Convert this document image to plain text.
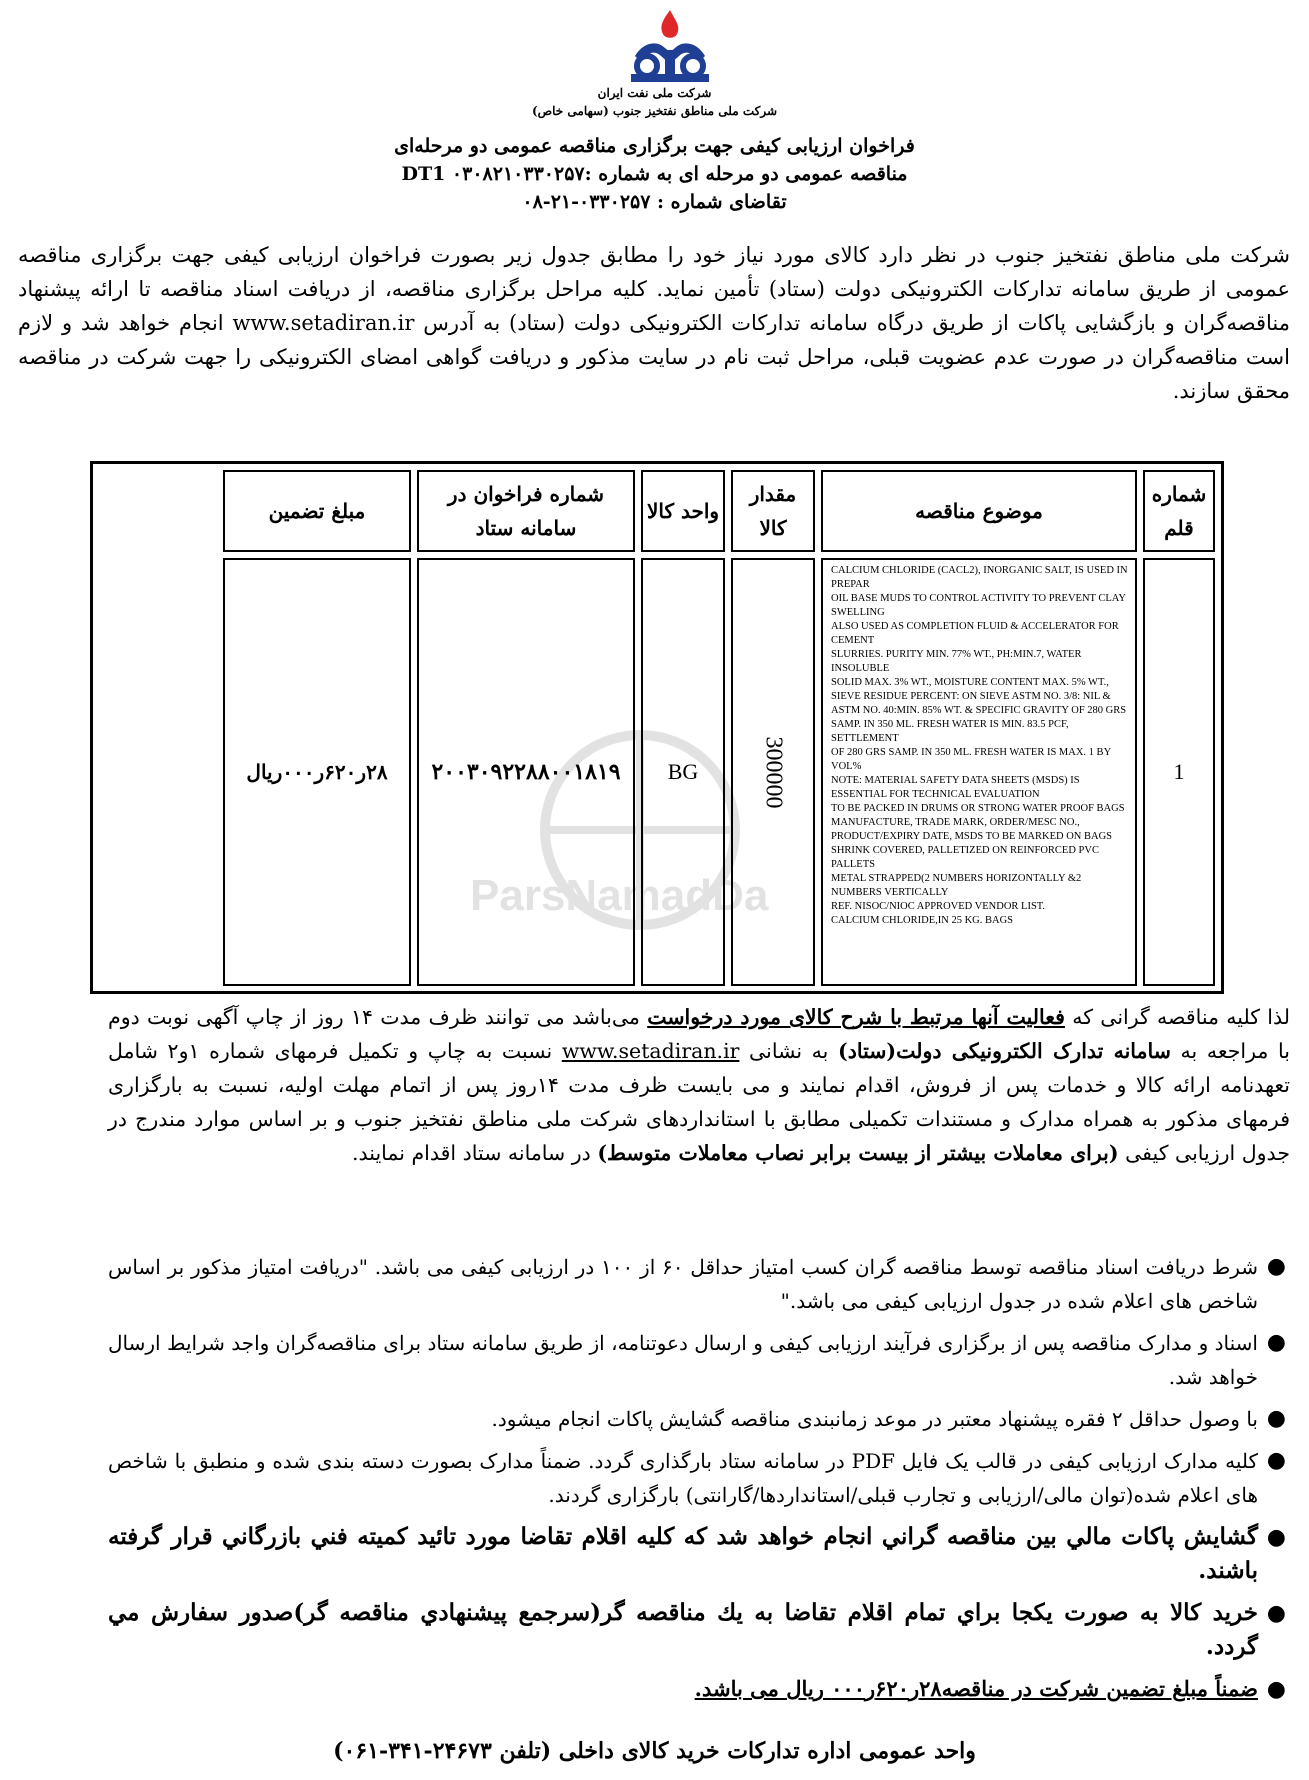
شرکت ملی نفت ایران
شرکت ملی مناطق نفتخیز جنوب (سهامی خاص)
فراخوان ارزیابی کیفی جهت برگزاری مناقصه عمومی دو مرحله‌ای
مناقصه عمومی دو مرحله ای به شماره :DT1 ۰۳۰۸۲۱۰۳۳۰۲۵۷
تقاضای شماره : ۰۳۳۰۲۵۷-۲۱-۰۸
شرکت ملی مناطق نفتخیز جنوب در نظر دارد کالای مورد نیاز خود را مطابق جدول زیر بصورت فراخوان ارزیابی کیفی جهت برگزاری مناقصه عمومی از طریق سامانه تدارکات الکترونیکی دولت (ستاد) تأمین نماید. کلیه مراحل برگزاری مناقصه، از دریافت اسناد مناقصه تا ارائه پیشنهاد مناقصه‌گران و بازگشایی پاکات از طریق درگاه سامانه تدارکات الکترونیکی دولت (ستاد) به آدرس www.setadiran.ir انجام خواهد شد و لازم است مناقصه‌گران در صورت عدم عضویت قبلی، مراحل ثبت نام در سایت مذکور و دریافت گواهی امضای الکترونیکی را جهت شرکت در مناقصه محقق سازند.
ParsNamadDa
شماره قلم
موضوع مناقصه
مقدار کالا
واحد کالا
شماره فراخوان در سامانه ستاد
مبلغ تضمین
1
CALCIUM CHLORIDE (CACL2), INORGANIC SALT, IS USED IN PREPAR
OIL BASE MUDS TO CONTROL ACTIVITY TO PREVENT CLAY SWELLING
ALSO USED AS COMPLETION FLUID & ACCELERATOR FOR CEMENT
SLURRIES. PURITY MIN. 77% WT., PH:MIN.7, WATER INSOLUBLE
SOLID MAX. 3% WT., MOISTURE CONTENT MAX. 5% WT.,
SIEVE RESIDUE PERCENT: ON SIEVE ASTM NO. 3/8: NIL &
ASTM NO. 40:MIN. 85% WT. & SPECIFIC GRAVITY OF 280 GRS
SAMP. IN 350 ML. FRESH WATER IS MIN. 83.5 PCF, SETTLEMENT
OF 280 GRS SAMP. IN 350 ML. FRESH WATER IS MAX. 1 BY VOL%
NOTE: MATERIAL SAFETY DATA SHEETS (MSDS) IS ESSENTIAL FOR TECHNICAL EVALUATION
TO BE PACKED IN DRUMS OR STRONG WATER PROOF BAGS
MANUFACTURE, TRADE MARK, ORDER/MESC NO.,
PRODUCT/EXPIRY DATE, MSDS TO BE MARKED ON BAGS
SHRINK COVERED, PALLETIZED ON REINFORCED PVC PALLETS
METAL STRAPPED(2 NUMBERS HORIZONTALLY &2 NUMBERS VERTICALLY
REF. NISOC/NIOC APPROVED VENDOR LIST.
CALCIUM CHLORIDE,IN 25 KG. BAGS
300000
BG
۲۰۰۳۰۹۲۲۸۸۰۰۱۸۱۹
۲۸ر۶۲۰ر۰۰۰ریال
لذا کلیه مناقصه گرانی که فعالیت آنها مرتبط با شرح کالای مورد درخواست می‌باشد می توانند ظرف مدت ۱۴ روز از چاپ آگهی نوبت دوم با مراجعه به سامانه تدارک الکترونیکی دولت(ستاد) به نشانی www.setadiran.ir نسبت به چاپ و تکمیل فرمهای شماره ۱و۲ شامل تعهدنامه ارائه کالا و خدمات پس از فروش، اقدام نمایند و می بایست ظرف مدت ۱۴روز پس از اتمام مهلت اولیه، نسبت به بارگزاری فرمهای مذکور به همراه مدارک و مستندات تکمیلی مطابق با استانداردهای شرکت ملی مناطق نفتخیز جنوب و بر اساس موارد مندرج در جدول ارزیابی کیفی (برای معاملات بیشتر از بیست برابر نصاب معاملات متوسط) در سامانه ستاد اقدام نمایند.
●
شرط دریافت اسناد مناقصه توسط مناقصه گران کسب امتیاز حداقل ۶۰ از ۱۰۰ در ارزیابی کیفی می باشد. "دریافت امتیاز مذکور بر اساس شاخص های اعلام شده در جدول ارزیابی کیفی می باشد."
●
اسناد و مدارک مناقصه پس از برگزاری فرآیند ارزیابی کیفی و ارسال دعوتنامه، از طریق سامانه ستاد برای مناقصه‌گران واجد شرایط ارسال خواهد شد.
●
با وصول حداقل ۲ فقره پیشنهاد معتبر در موعد زمانبندی مناقصه گشایش پاکات انجام میشود.
●
کلیه مدارک ارزیابی کیفی در قالب یک فایل PDF در سامانه ستاد بارگذاری گردد. ضمناً مدارک بصورت دسته بندی شده و منطبق با شاخص های اعلام شده(توان مالی/ارزیابی و تجارب قبلی/استانداردها/گارانتی) بارگزاری گردند.
●
گشايش پاكات مالي بين مناقصه گراني انجام خواهد شد كه كليه اقلام تقاضا مورد تائيد كميته فني بازرگاني قرار گرفته باشند.
●
خريد كالا به صورت يكجا براي تمام اقلام تقاضا به يك مناقصه گر(سرجمع پيشنهادي مناقصه گر)صدور سفارش مي گردد.
●
ضمناً مبلغ تضمین شرکت در مناقصه۲۸ر۶۲۰ر۰۰۰ ریال می باشد.
واحد عمومی اداره تدارکات خرید کالای داخلی (تلفن ۲۴۶۷۳-۳۴۱-۰۶۱)
